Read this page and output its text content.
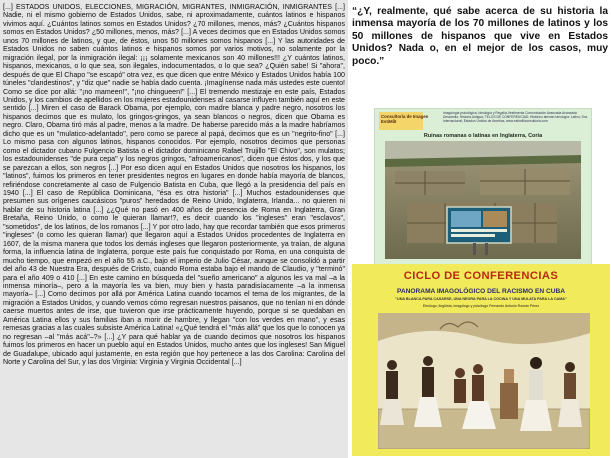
[...] ESTADOS UNIDOS, ELECCIONES, MIGRACIÓN, MIGRANTES, INMIGRACIÓN, INMIGRANTES [...] Nadie, ni el mismo gobierno de Estados Unidos, sabe, ni aproximadamente, cuántos latinos e hispanos vivimos aquí. ¿Cuántos latinos somos en Estados Unidos? ¿70 millones, menos, más? ¿Cuántos hispanos somos en Estados Unidos? ¿50 millones, menos, más? [...] A veces decimos que en Estados Unidos somos unos 70 millones de latinos, y que, de éstos, unos 50 millones somos hispanos [...] Y las autoridades de Estados Unidos no saben cuántos latinos e hispanos somos por varios motivos, no solamente por la migración ilegal, por la inmigración ilegal: ¡¡¡ solamente mexicanos son 40 millones!!! ¿Y cuántos latinos, hispanos, mexicanos, o lo que sea, son ilegales, indocumentados, o lo que sea? ¿Quién sabe! Si "ahora", después de que El Chapo "se escapó" otra vez, es que dicen que entre México y Estados Unidos había 100 túneles "clandestinos", y "diz que" nadie se había dado cuenta. ¡Imagínense nada más ustedes este cuento! Como se dice por allá: "¡no mameen!", "¡no chingueen!" [...] El tremendo mestizaje en este país, Estados Unidos, y los cambios de apellidos en los mujeres estadounidenses al casarse influyen también aquí en este sentido [...] Miren el caso de Barack Obama, por ejemplo, con madre blanca y padre negro, nosotros los hispanos decimos que es mulato, los gringos-gringos, ya sean blancos o negros, dicen que Obama es negro. Claro, Obama tiró más al padre, menos a la madre. De haberse parecido más a la madre habríamos dicho que es un "mulatico-adelantado", pero como se parece al papá, decimos que es un "negrito-fino" [...] Lo mismo pasa con algunos latinos, hispanos conocidos. Por ejemplo, nosotros decimos que personas como el dictador cubano Fulgencio Batista o el dictador dominicano Rafael Trujillo "El Chivo", son mulatos; los estadounidenses "de pura cepa" y los negros gringos, "afroamericanos", dicen que éstos dos, y los que se parezcan a ellos, son negros [...] Por eso dicen aquí en Estados Unidos que nosotros los hispanos, los "latinos", fuimos los primeros en tener presidentes negros en lugares en donde había mayoría de blancos, refiriéndose concretamente al caso de Fulgencio Batista en Cuba, que llegó a la presidencia del país en 1940 [...] El caso de República Dominicana, "ésa es otra historia" [...] Muchos estadounidenses que presumen sus orígenes caucásicos "puros" heredados de Reino Unido, Inglaterra, Irlanda... no quieren ni hablar de su historia latina [...] ¿¿Qué no pasó en 400 años de presencia de Roma en Inglaterra, Gran Bretaña, Reino Unido, o como le quieran llamar!?, es decir cuando los "ingleses" eran "esclavos", "sometidos", de los latinos, de los romanos [...] Y por otro lado, hay que recordar también que esos primeros "ingleses" (o como les quieran llamar) que llegaron aquí a Estados Unidos procedentes de Inglaterra en 1607, de la misma manera que todos los demás ingleses que llegaron posteriormente, ya traían, de alguna forma, la influencia latina de Inglaterra, porque este país fue conquistado por Roma, en una conquista de mucho tiempo, que empezó en el año 55 a.C., bajo el imperio de Julio César, aunque se consolidó a partir del año 43 de Nuestra Era, después de Cristo, cuando Roma estaba bajo el mando de Claudio, y "terminó" para el año 409 o 410 [...] En este camino en búsqueda del "sueño americano" a algunos les va mal –a la inmensa minoría–, pero a la mayoría les va bien, muy bien y hasta paradisíacamente –a la inmensa mayoría– [...] Como decimos por allá por América Latina cuando tocamos el tema de los migrantes, de la migración a Estados Unidos, y cuando vemos cómo regresan nuestros paisanos, que no tenían ni en dónde caerse muertos antes de irse, que tuvieron que irse prácticamente huyendo, porque si se quedaban en América Latina ellos y sus familias iban a morir de hambre, y llegan "con los verdes en mano", y esas remesas gracias a las cuales subsiste América Latina! «¿Qué tendrá el "más allá" que los que lo conocen ya no regresan –al "más acá"–?» [...] ¿Y para qué hablar ya de cuando decimos que nosotros los hispanos fuimos los primeros en hacer un pueblo aquí en Estados Unidos, mucho antes que los ingleses! San Miguel de Guadalupe, ubicado aquí justamente, en esta región que hoy pertenece a las dos Carolina: Carolina del Norte y Carolina del Sur, y las dos Virginia: Virginia y Virginia Occidental [...]

“¿Y, realmente, qué sabe acerca de su historia la inmensa mayoría de los 70 millones de latinos y los 50 millones de hispanos que vive en Estados Unidos? Nada o, en el mejor de los casos, muy poco.”

Consultoría de Imagen EstiMilI
Imagología psicológica, Ideología y Regalía-Vestimenta Comunicación Avanzada Avanzada Desarrollo; Historia Antigua; TELOS DE CONFERENCIAS; Histórico alemán Ideología; Latino; Dra. Internacional; Estados Unidos de América; www.estimilliconsultoria.com
Ruinas romanas o latinas en Inglaterra, Coria
CICLO DE CONFERENCIAS
PANORAMA IMAGOLÓGICO DEL RACISMO EN CUBA
"UNA BLANCA PARA CASARSE, UNA NEGRA PARA LA COCINA Y UNA MULATA PARA LA CAMA"
Etnólogo, lingüista, imagólogo y psicólogo Fernando Antonio Román Pérez
